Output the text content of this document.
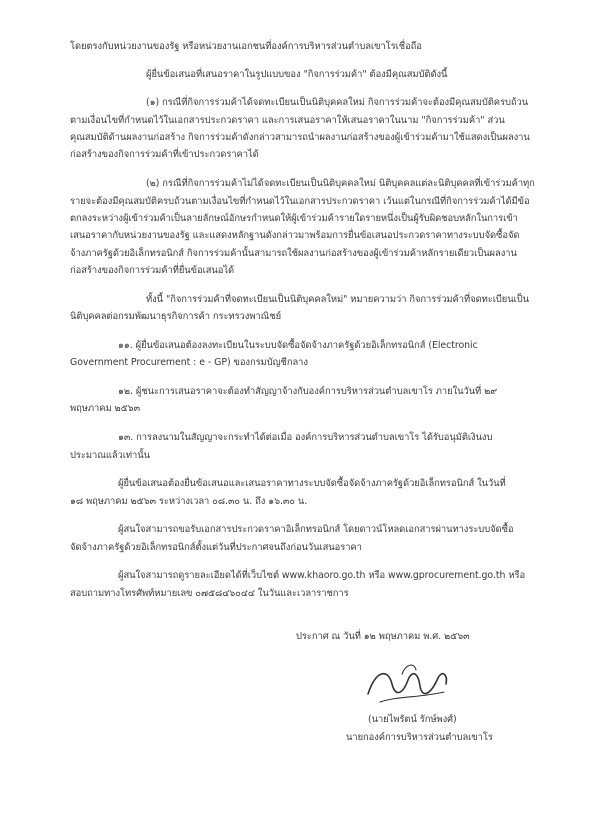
โดยตรงกับหน่วยงานของรัฐ หรือหน่วยงานเอกชนที่องค์การบริหารส่วนตำบลเขาโรเชื่อถือ
ผู้ยื่นข้อเสนอที่เสนอราคาในรูปแบบของ "กิจการร่วมค้า" ต้องมีคุณสมบัติดังนี้
(๑) กรณีที่กิจการร่วมค้าได้จดทะเบียนเป็นนิติบุคคลใหม่ กิจการร่วมค้าจะต้องมีคุณสมบัติครบถ้วน
ตามเงื่อนไขที่กำหนดไว้ในเอกสารประกวดราคา และการเสนอราคาให้เสนอราคาในนาม "กิจการร่วมค้า" ส่วน
คุณสมบัติด้านผลงานก่อสร้าง กิจการร่วมค้าดังกล่าวสามารถนำผลงานก่อสร้างของผู้เข้าร่วมค้ามาใช้แสดงเป็นผลงาน
ก่อสร้างของกิจการร่วมค้าที่เข้าประกวดราคาได้
(๒) กรณีที่กิจการร่วมค้าไม่ได้จดทะเบียนเป็นนิติบุคคลใหม่ นิติบุคคลแต่ละนิติบุคคลที่เข้าร่วมค้าทุก
รายจะต้องมีคุณสมบัติครบถ้วนตามเงื่อนไขที่กำหนดไว้ในเอกสารประกวดราคา เว้นแต่ในกรณีที่กิจการร่วมค้าได้มีข้อ
ตกลงระหว่างผู้เข้าร่วมค้าเป็นลายลักษณ์อักษรกำหนดให้ผู้เข้าร่วมค้ารายใดรายหนึ่งเป็นผู้รับผิดชอบหลักในการเข้า
เสนอราคากับหน่วยงานของรัฐ และแสดงหลักฐานดังกล่าวมาพร้อมการยื่นข้อเสนอประกวดราคาทางระบบจัดซื้อจัด
จ้างภาครัฐด้วยอิเล็กทรอนิกส์ กิจการร่วมค้านั้นสามารถใช้ผลงานก่อสร้างของผู้เข้าร่วมค้าหลักรายเดียวเป็นผลงาน
ก่อสร้างของกิจการร่วมค้าที่ยื่นข้อเสนอได้
ทั้งนี้ "กิจการร่วมค้าที่จดทะเบียนเป็นนิติบุคคลใหม่" หมายความว่า กิจการร่วมค้าที่จดทะเบียนเป็น
นิติบุคคลต่อกรมพัฒนาธุรกิจการค้า กระทรวงพาณิชย์
๑๑. ผู้ยื่นข้อเสนอต้องลงทะเบียนในระบบจัดซื้อจัดจ้างภาครัฐด้วยอิเล็กทรอนิกส์ (Electronic
Government Procurement : e - GP) ของกรมบัญชีกลาง
๑๒. ผู้ชนะการเสนอราคาจะต้องทำสัญญาจ้างกับองค์การบริหารส่วนตำบลเขาโร ภายในวันที่ ๒๙
พฤษภาคม ๒๕๖๓
๑๓. การลงนามในสัญญาจะกระทำได้ต่อเมื่อ องค์การบริหารส่วนตำบลเขาโร ได้รับอนุมัติเงินงบ
ประมาณแล้วเท่านั้น
ผู้ยื่นข้อเสนอต้องยื่นข้อเสนอและเสนอราคาทางระบบจัดซื้อจัดจ้างภาครัฐด้วยอิเล็กทรอนิกส์ ในวันที่
๑๘ พฤษภาคม ๒๕๖๓ ระหว่างเวลา ๐๘.๓๐ น. ถึง ๑๖.๓๐ น.
ผู้สนใจสามารถขอรับเอกสารประกวดราคาอิเล็กทรอนิกส์ โดยดาวน์โหลดเอกสารผ่านทางระบบจัดซื้อ
จัดจ้างภาครัฐด้วยอิเล็กทรอนิกส์ตั้งแต่วันที่ประกาศจนถึงก่อนวันเสนอราคา
ผู้สนใจสามารถดูรายละเอียดได้ที่เว็บไซต์ www.khaoro.go.th หรือ www.gprocurement.go.th หรือ
สอบถามทางโทรศัพท์หมายเลข ๐๗๕๘๔๖๐๔๔ ในวันและเวลาราชการ
ประกาศ ณ วันที่ ๑๒ พฤษภาคม พ.ศ. ๒๕๖๓
(นายไพรัตน์ รักษ์พงศ์)
นายกองค์การบริหารส่วนตำบลเขาโร
